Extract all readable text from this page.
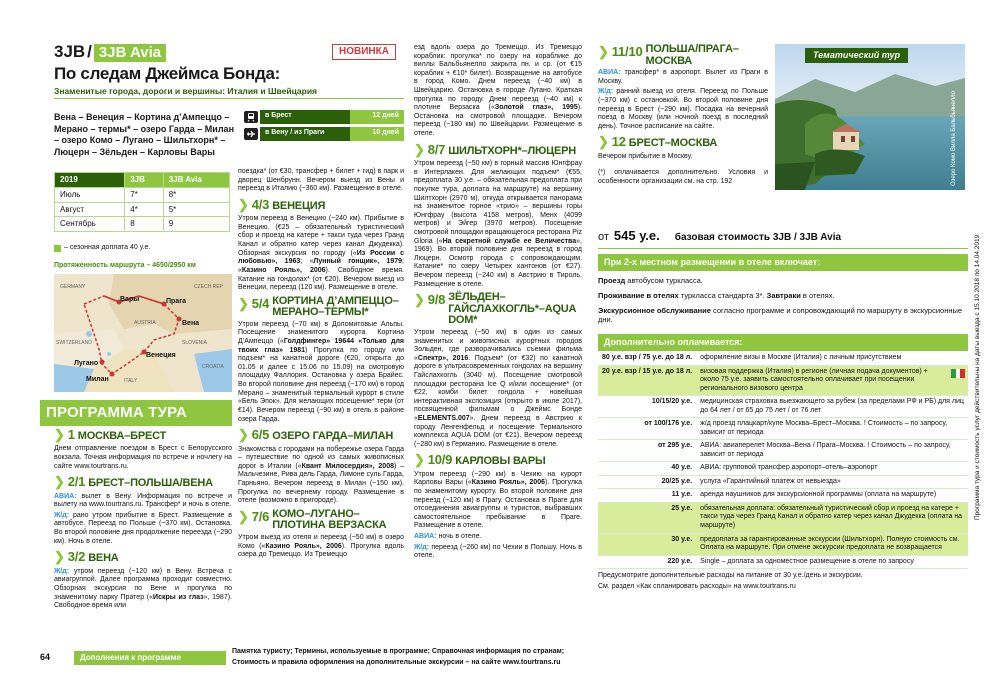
3JB / 3JB Avia
По следам Джеймса Бонда:
НОВИНКА
Знаменитые города, дороги и вершины: Италия и Швейцария
Вена – Венеция – Кортина д’Ампеццо – Мерано – термы* – озеро Гарда – Милан – озеро Комо – Лугано – Шильтхорн* – Люцерн – Зёльден – Карловы Вары
в Брест	12 дней
в Вену / из Праги	10 дней
2019	3JB	3JB Avia
Июль	7*	8*
Август	4*	5*
Сентябрь	8	9
– сезонная доплата 40 у.е.
Протяженность маршрута – 4650/2950 км
Прага
Вары
Вена
Венеция
Лугано
Милан
GERMANY	CZECH REP
AUSTRIA
SWITZERLAND	SLOVENIA
ITALY
CROATIA
ПРОГРАММА ТУРА
❯ 1 МОСКВА–БРЕСТ

Днем отправление поездом в Брест с Белорусского вокзала. Точная информация по встрече и ночлегу на сайте www.tourtrans.ru.

❯ 2/1 БРЕСТ–ПОЛЬША/ВЕНА

АВИА: вылет в Вену. Информация по встрече и вылету на www.tourtrans.ru. Трансфер* и ночь в отеле.

Ж/д: рано утром прибытие в Брест. Размещение в автобусе. Переезд по Польше (~370 км). Остановка. Во второй половине дня продолжение переезда (~290 км). Ночь в отеле.

❯ 3/2 ВЕНА

Ж/д: утром переезд (~120 км) в Вену. Встреча с авиагруппой. Далее программа проходит совместно. Обзорная экскурсия по Вене и прогулка по знаменитому парку Пратер («Искры из глаз», 1987). Свободное время или

поездка* (от €30, трансфер + билет + гид) в парк и дворец Шенбрунн. Вечером выезд из Вены и переезд в Италию (~360 км). Размещение в отеле.

❯ 4/3 ВЕНЕЦИЯ

Утром переезд в Венецию (~240 км). Прибытие в Венецию. (€25 – обязательный туристический сбор и проезд на катере + такси туда через Гранд Канал и обратно катер через канал Джудекка). Обзорная экскурсия по городу («Из России с любовью», 1963; «Лунный гонщик», 1979; «Казино Рояль», 2006). Свободное время. Катание на гондолах* (от €20). Вечером выезд из Венеции, переезд (120 км). Размещение в отеле.

❯ 5/4 КОРТИНА Д’АМПЕЦЦО–МЕРАНО–ТЕРМЫ*

Утром переезд (~70 км) в Доломитовые Альпы. Посещение знаменитого курорта Кортина Д’Ампеццо («Голдфингер» 19644 «Только для твоих глаз» 1981) Прогулка по городу или подъем* на канатной дороге (€20, открыта до 01.05 и далее с 15.06 по 15.09) на смотровую площадку Фаллория. Остановка у озера Брайес. Во второй половине дня переезд (~170 км) в город Мерано – знаменитый термальный курорт в стиле «Бель Эпок». Для желающих посещение* терм (от €14). Вечером переезд (~90 км) в отель в районе озера Гарда.

❯ 6/5 ОЗЕРО ГАРДА–МИЛАН

Знакомства с городами на побережье озера Гарда – путешествие по одной из самых живописных дорог в Италии («Квант Милосердия», 2008) – Мальчезине, Рива дель Гарда, Лимоне суль Гарда, Гарньяно. Вечером переезд в Милан (~150 км). Прогулка по вечернему городу. Размещение в отеле (возможно в пригороде).

❯ 7/6 КОМО–ЛУГАНО–ПЛОТИНА ВЕРЗАСКА

Утром выезд из отеля и переезд (~50 км) в озеро Комо («Казино Рояль», 2006). Прогулка вдоль озера до Тремеццо. Из Тремеццо

езд вдоль озера до Тремеццо. Из Тремеццо кораблик: прогулка* по озеру на кораблике до виллы Бальбьянелло закрыта пн. и ср. (от €15 кораблик + €10* билет). Возвращение на автобусе в город Комо. Днем переезд (~40 км) в Швейцарию. Остановка в городе Лугано. Краткая прогулка по городу. Днем переезд (~40 км) к плотине Верзаска («Золотой глаз», 1995). Остановка на смотровой площадке. Вечером переезд (~180 км) по Швейцарии. Размещение в отеле.

❯ 8/7 ШИЛЬТХОРН*–ЛЮЦЕРН

Утром переезд (~50 км) в горный массив Юнгфрау в Интерлакен. Для желающих подъем* (€55, предоплата 30 у.е. – обязательная предоплата при покупке тура, доплата на маршруте) на вершину Шилтхорн (2970 м), откуда открывается панорама на знаменитое горное «трио» – вершины горы Юнгфрау (высота 4158 метров), Менх (4099 метров) и Эйгер (3970 метров). Посещение смотровой площадки вращающегося ресторана Piz Gloria («На секретной службе ее Величества», 1969). Во второй половине дня переезд в город Люцерн. Осмотр города с сопровождающим. Катание* по озеру Четырех кантонов (от €27). Вечером переезд (~240 км) в Австрию в Тироль. Размещение в отеле.

❯ 9/8 ЗЁЛЬДЕН–ГАЙСЛАХКОГЛЬ*–AQUA DOM*

Утром переезд (~50 км) в один из самых знаменитых и живописных курортных городов Зольден, где разворачивались съемки фильма «Спектр», 2016. Подъем* (от €32) по канатной дороге в ультрасовременных гондолах на вершину Гайслахкогль (3040 м). Посещение смотровой площадки ресторана Ice Q и/или посещение* (от €22, комби билет гондола + новейшая интерактивная экспозиция (открыто в июле 2017), посвященной фильмам о Джеймс Бонде «ELEMENTS.007». Днем переезд в Австрию к городу Ленгенфельд и посещение Термального комплекса AQUA DOM (от €21). Вечером переезд (~280 км) в Германию. Размещение в отеле.

❯ 10/9 КАРЛОВЫ ВАРЫ

Утром переезд (~290 км) в Чехию на курорт Карловы Вары («Казино Рояль», 2006). Прогулка по знаменитому курорту. Во второй половине дня переезд (~120 км) в Прагу. Остановка в Праге для отсоединения авиагруппы и туристов, выбравших самостоятельное пребывание в Праге. Размещение в отеле.

АВИА: ночь в отеле.

Ж/д: переезд (~260 км) по Чехии в Польшу. Ночь в отеле.

❯ 11/10 ПОЛЬША/ПРАГА–МОСКВА

АВИА: трансфер* в аэропорт. Вылет из Праги в Москву.

Ж/д: ранний выезд из отеля. Переезд по Польше (~370 км) с остановкой. Во второй половине дня переезд в Брест (~290 км). Посадка на вечерний поезд в Москву (или ночной поезд в последний день). Точное расписание на сайте.

❯ 12 БРЕСТ–МОСКВА

Вечером прибытие в Москву.

(*) оплачивается дополнительно. Условия и особенности организации см. на стр. 192

Тематический тур
Озеро Комо Вилла Бальбьянелло
Программа тура и стоимость услуг действительны на даты выезда с 15.10.2018 по 14.04.2019
от 545 у.е. базовая стоимость 3JB / 3JB Avia
При 2-х местном размещении в отеле включает:

Проезд автобусом турклассa.

Проживание в отелях турклассa стандарта 3*. Завтраки в отелях.

Экскурсионное обслуживание согласно программе и сопровождающий по маршруту в экскурсионные дни.

Дополнительно оплачивается:
80 у.е. взр / 75 у.е. до 18 л.	оформление визы в Москве (Италия) с личным присутствием
20 у.е. взр / 15 у.е. до 18 л.	визовая поддержка (Италия) в регионе (личная подача документов) + около 75 у.е. заявить самостоятельно оплачивает при посещении регионального визового центра

10/15/20 у.е.	медицинская страховка выезжающего за рубеж (за пределами РФ и РБ) для лиц до 64 лет / от 65 до 75 лет / от 76 лет
от 100/176 у.е.	ж/д проезд плацкарт/купе Москва–Брест–Москва. ! Стоимость – по запросу, зависит от периода
от 295 у.е.	АВИА: авиаперелет Москва–Вена / Прага–Москва. ! Стоимость – по запросу, зависит от периода
40 у.е.	АВИА: групповой трансфер аэропорт–отель–аэропорт
20/25 у.е.	услуга «Гарантийный платеж от невыезда»
11 у.е.	аренда наушников для экскурсионной программы (оплата на маршруте)
25 у.е.	обязательная доплата: обязательный туристический сбор и проезд на катере + такси туда через Гранд Канал и обратно катер через канал Джудекка (оплата на маршруте)
30 у.е.	предоплата за гарантированные экскурсии (Шильтхорн). Полную стоимость см. Оплата на маршруте. При отмене экскурсии предоплата не возвращается
220 у.е.	Single – доплата за одноместное размещение в отеле по запросу

Предусмотрите дополнительные расходы на питание от 30 у.е./день и экскурсии.

См. раздел «Как спланировать расходы» на www.tourtrans.ru

64	Дополнения к программе

Памятка туристу; Термины, используемые в программе; Справочная информация по странам;

Стоимость и правила оформления на дополнительные экскурсии – на сайте www.tourtrans.ru
